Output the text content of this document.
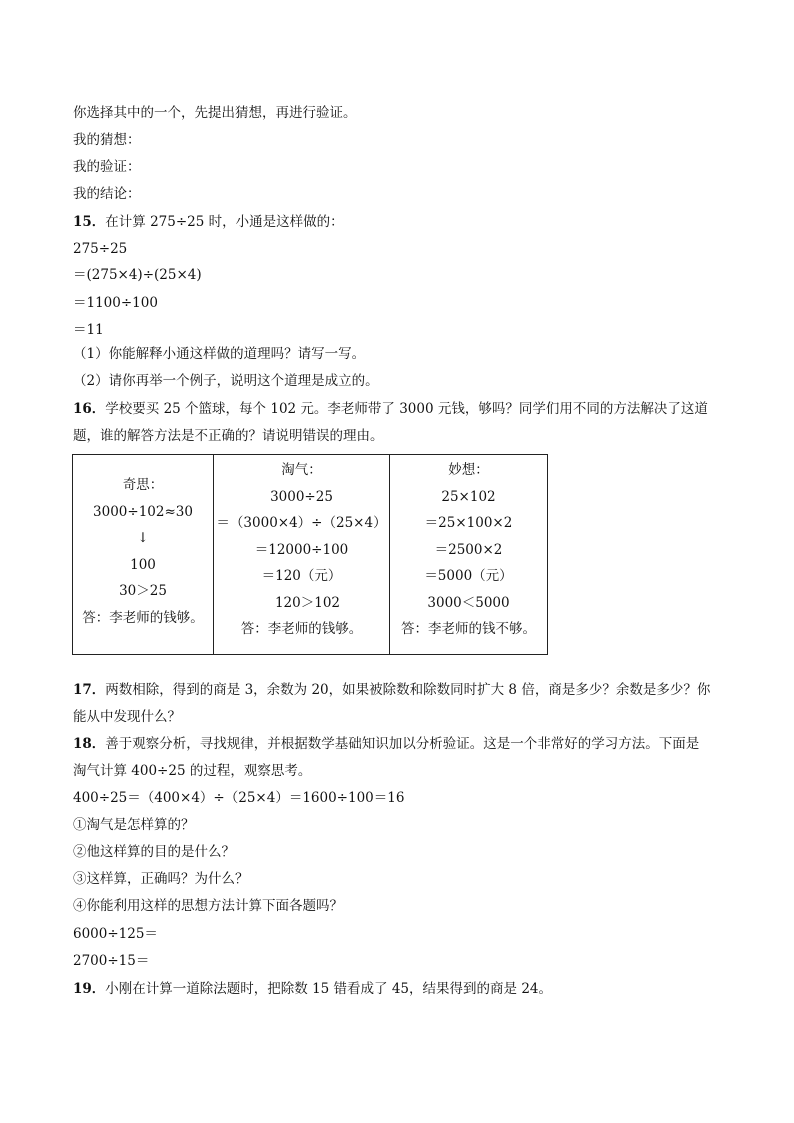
你选择其中的一个，先提出猜想，再进行验证。
我的猜想：
我的验证：
我的结论：
15．在计算 275÷25 时，小通是这样做的：
275÷25
＝(275×4)÷(25×4)
＝1100÷100
＝11
（1）你能解释小通这样做的道理吗？请写一写。
（2）请你再举一个例子，说明这个道理是成立的。
16．学校要买 25 个篮球，每个 102 元。李老师带了 3000 元钱，够吗？同学们用不同的方法解决了这道
题，谁的解答方法是不正确的？请说明错误的理由。
奇思：
3000÷102≈30
↓
100
30＞25
答：李老师的钱够。

淘气：
3000÷25
＝（3000×4）÷（25×4）
＝12000÷100
＝120（元）
120＞102
答：李老师的钱够。

妙想：
25×102
＝25×100×2
＝2500×2
＝5000（元）
3000＜5000
答：李老师的钱不够。
17．两数相除，得到的商是 3，余数为 20，如果被除数和除数同时扩大 8 倍，商是多少？余数是多少？你
能从中发现什么？
18．善于观察分析，寻找规律，并根据数学基础知识加以分析验证。这是一个非常好的学习方法。下面是
淘气计算 400÷25 的过程，观察思考。
400÷25＝（400×4）÷（25×4）＝1600÷100＝16
①淘气是怎样算的？
②他这样算的目的是什么？
③这样算，正确吗？为什么？
④你能利用这样的思想方法计算下面各题吗？
6000÷125＝
2700÷15＝
19．小刚在计算一道除法题时，把除数 15 错看成了 45，结果得到的商是 24。
